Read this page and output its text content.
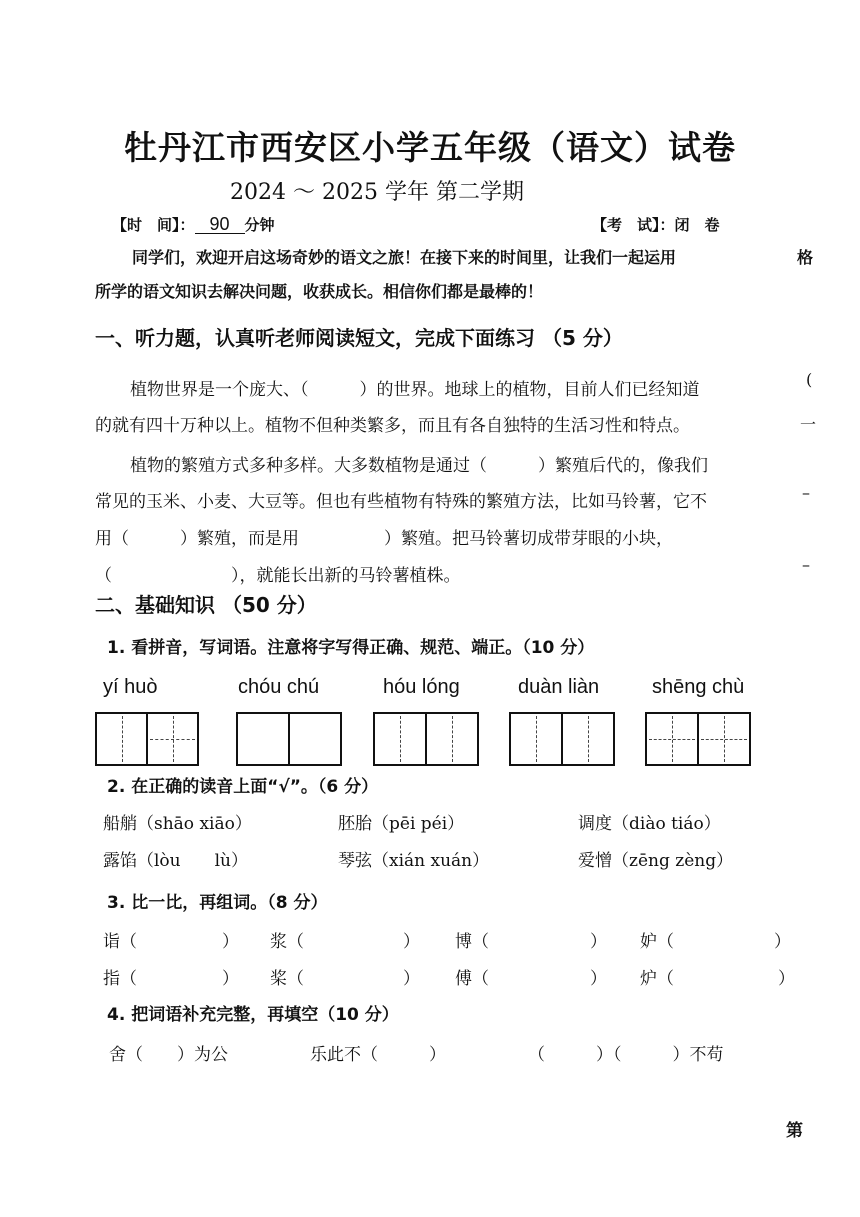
牡丹江市西安区小学五年级（语文）试卷
2024 ～ 2025 学年 第二学期
【时　间】： 90 分钟	【考　试】：闭　卷
同学们，欢迎开启这场奇妙的语文之旅！在接下来的时间里，让我们一起运用	格
所学的语文知识去解决问题，收获成长。相信你们都是最棒的！
一、听力题，认真听老师阅读短文，完成下面练习 （5 分）
植物世界是一个庞大、（　　　）的世界。地球上的植物，目前人们已经知道
的就有四十万种以上。植物不但种类繁多，而且有各自独特的生活习性和特点。
植物的繁殖方式多种多样。大多数植物是通过（　　　）繁殖后代的，像我们
常见的玉米、小麦、大豆等。但也有些植物有特殊的繁殖方法，比如马铃薯，它不
用（　　　）繁殖，而是用　　　　　）繁殖。把马铃薯切成带芽眼的小块，
（　　　　　　　），就能长出新的马铃薯植株。
二、基础知识 （50 分）
1. 看拼音，写词语。注意将字写得正确、规范、端正。（10 分）
yí huò	chóu chú	hóu lóng	duàn liàn	shēng chù
2. 在正确的读音上面“√”。（6 分）
船艄（shāo xiāo）	胚胎（pēi péi）	调度（diào tiáo）
露馅（lòu　　lù）	琴弦（xián xuán）	爱憎（zēng zèng）
3. 比一比，再组词。（8 分）
诣（	） 浆（	） 博（	） 妒（	）
指（	） 桨（	） 傅（	） 炉（	）
4. 把词语补充完整，再填空（10 分）
舍（　　）为公	乐此不（　　　）	（　　　）（　　　）不苟
第
(
一
–
–
